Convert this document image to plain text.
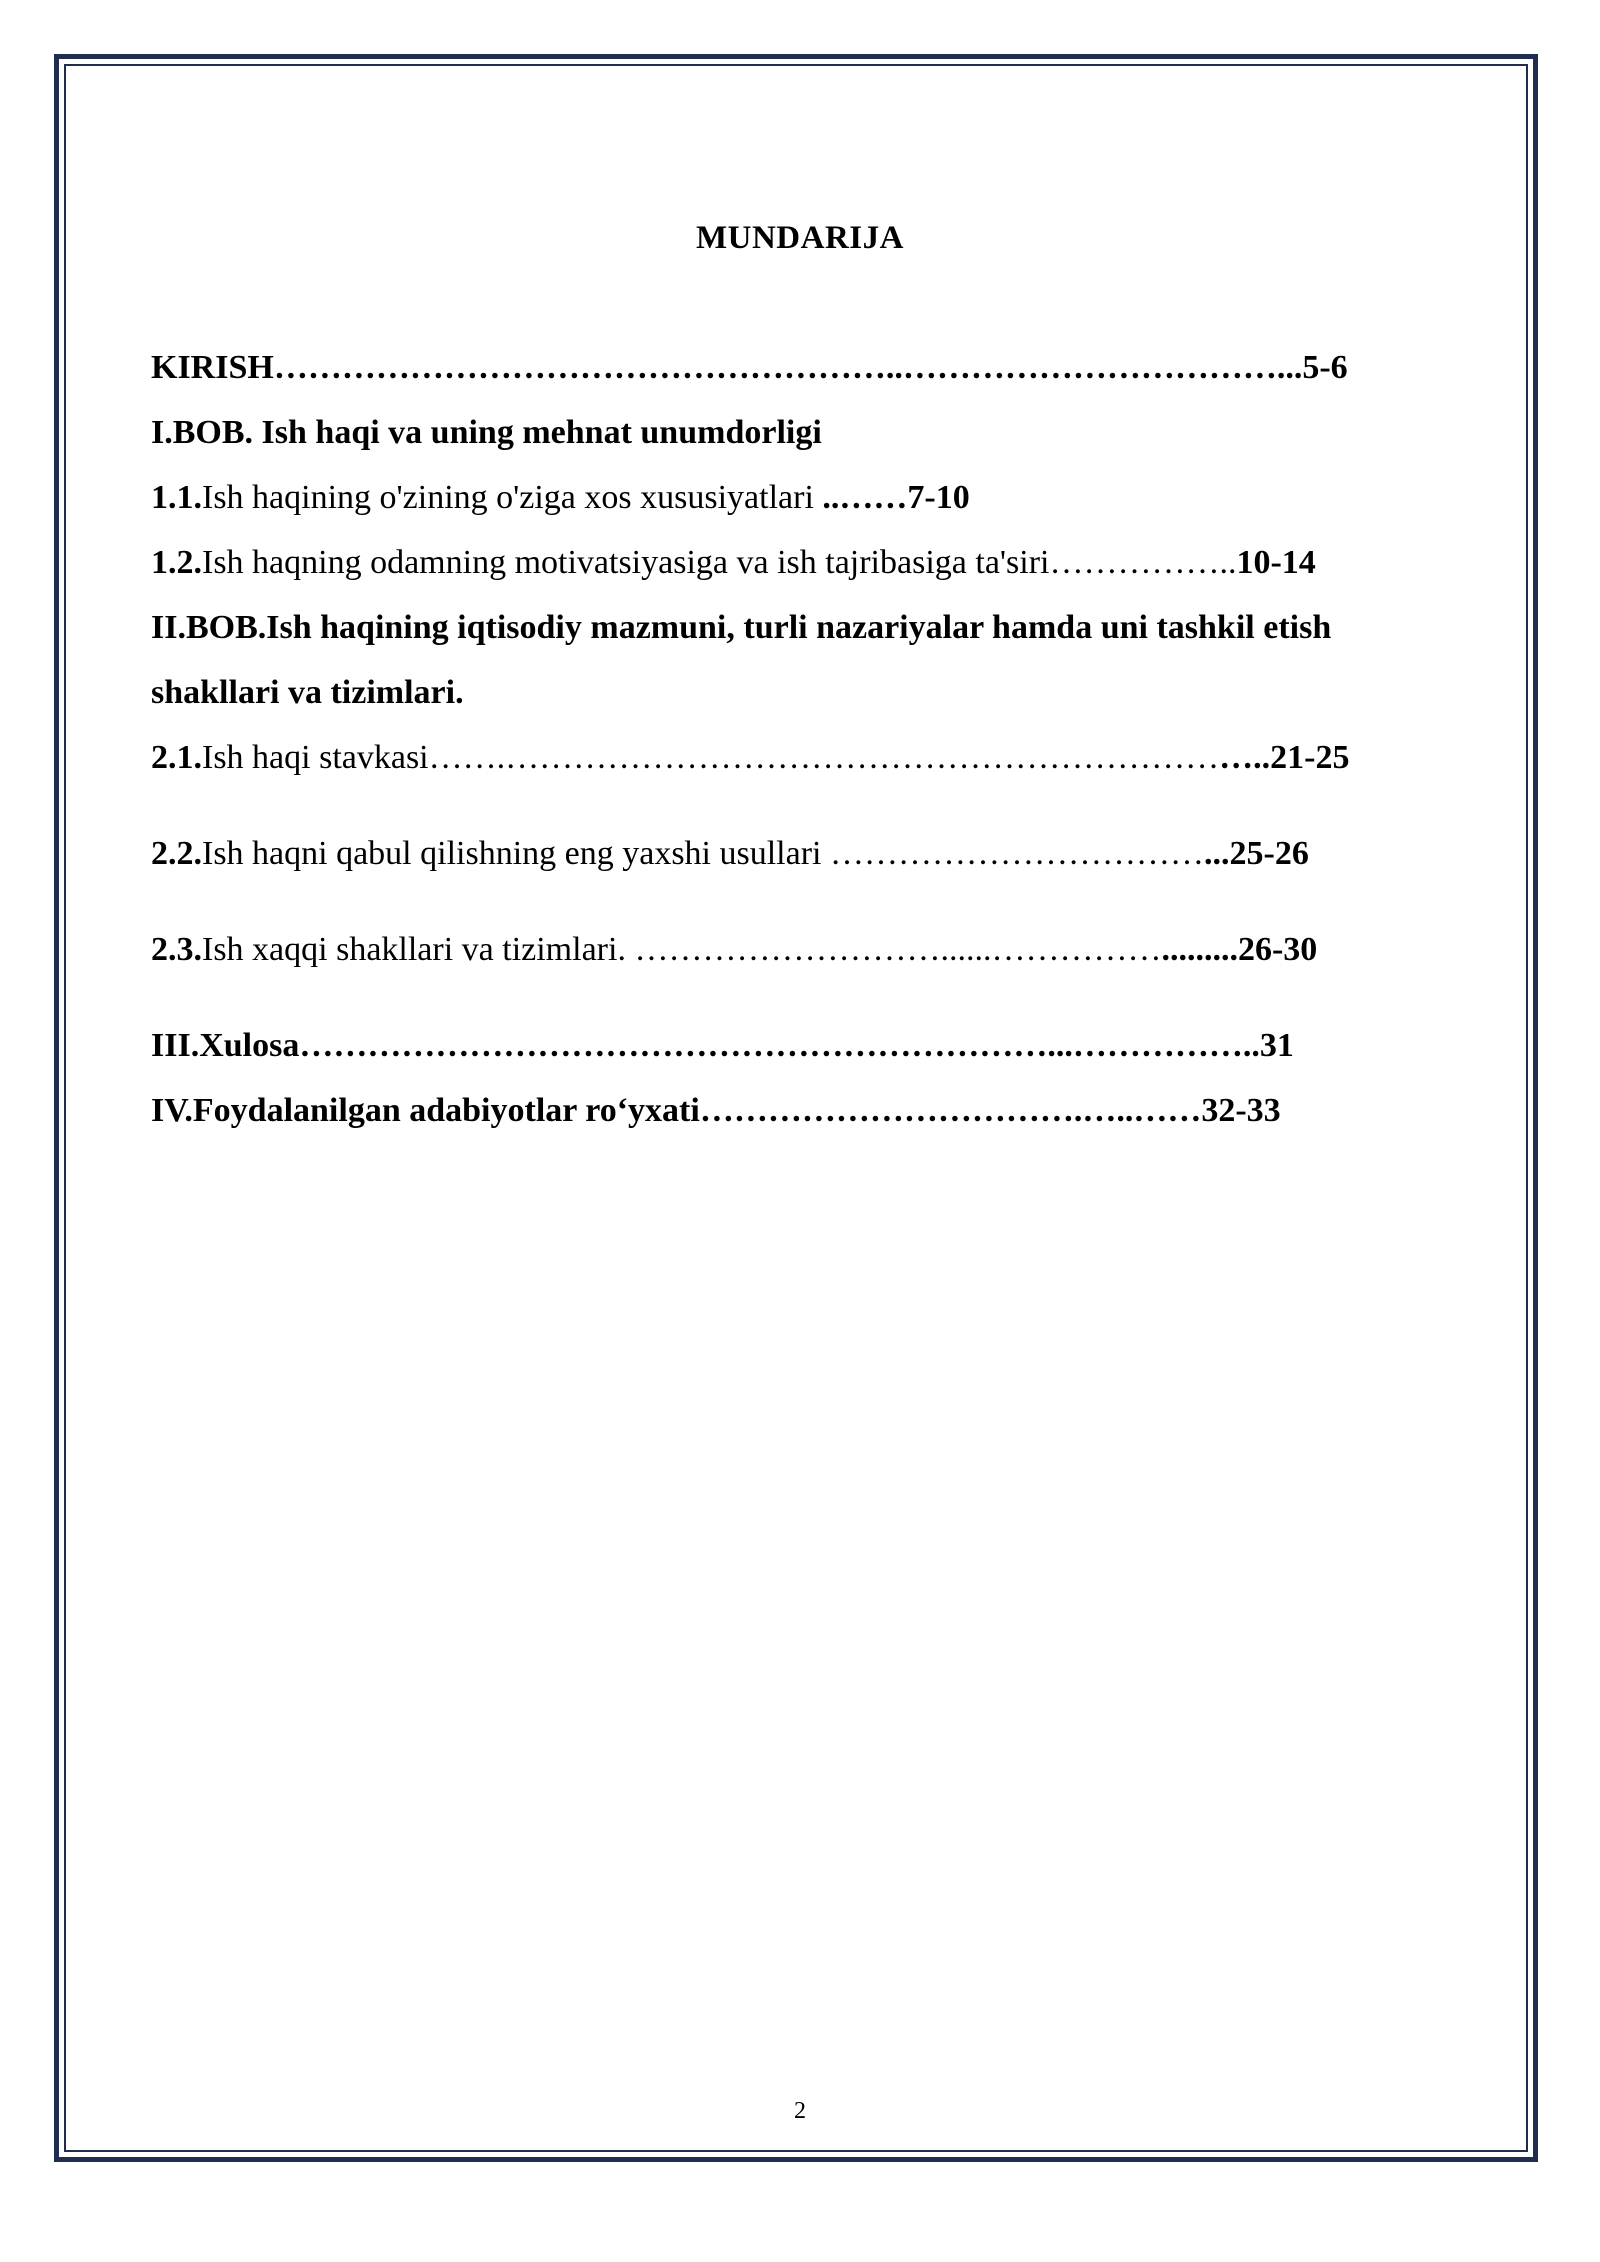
MUNDARIJA
KIRISH………………………………………………..……………………………...5-6
I.BOB. Ish haqi va uning mehnat unumdorligi
1.1.Ish haqining o'zining o'ziga xos xususiyatlari ..……7-10
1.2.Ish haqning odamning motivatsiyasiga va ish tajribasiga ta'siri……………..10-14
II.BOB.Ish haqining iqtisodiy mazmuni, turli nazariyalar hamda uni tashkil etish
shakllari va tizimlari.
2.1.Ish haqi stavkasi…….…………………………………………………………..21-25
2.2.Ish haqni qabul qilishning eng yaxshi usullari ……………………………...25-26
2.3.Ish xaqqi shakllari va tizimlari. ………………………......…………….........26-30
III.Xulosa…………………………………………………………...……………..31
IV.Foydalanilgan adabiyotlar ro‘yxati…………………………….…..……32-33
2
